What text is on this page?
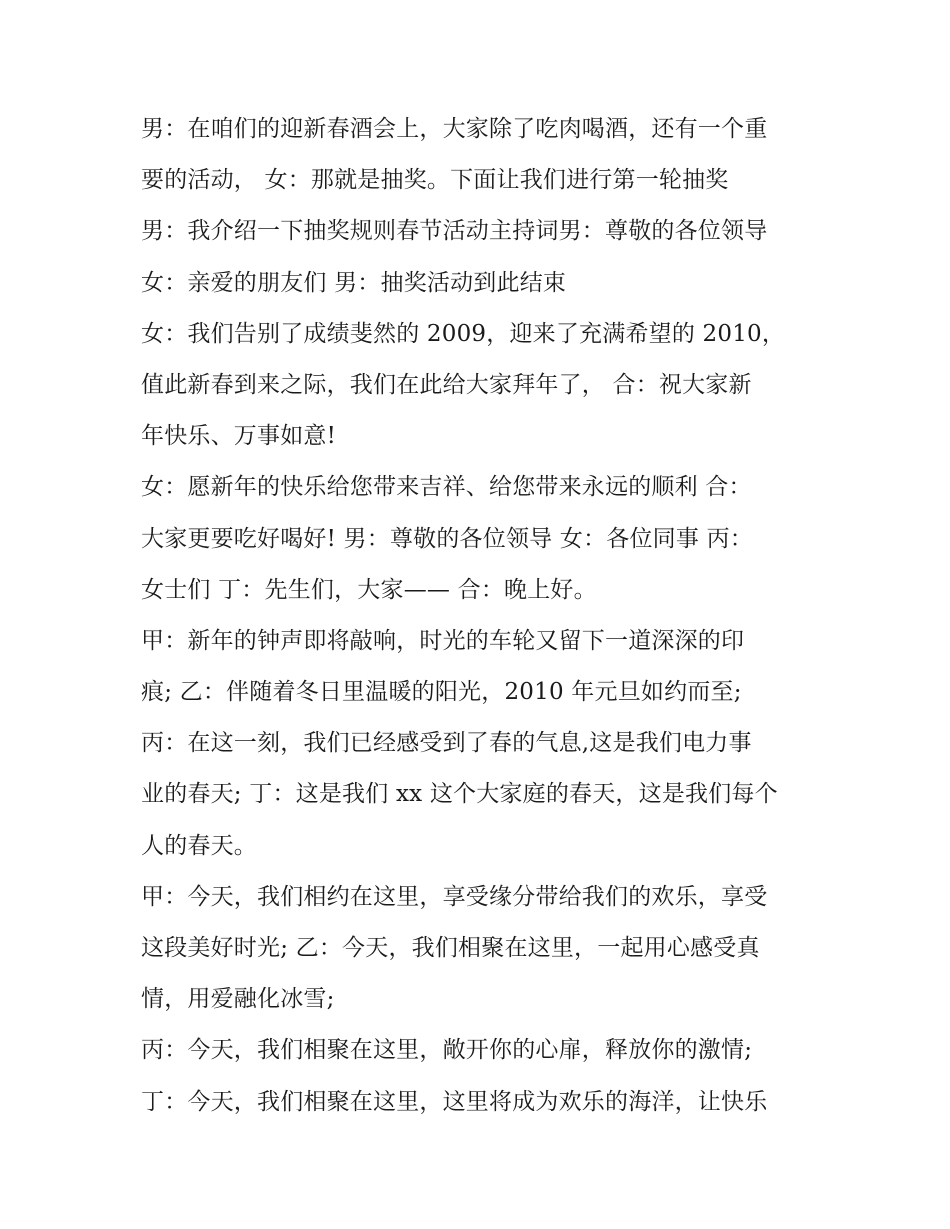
男：在咱们的迎新春酒会上，大家除了吃肉喝酒，还有一个重
要的活动， 女：那就是抽奖。下面让我们进行第一轮抽奖
男：我介绍一下抽奖规则春节活动主持词男：尊敬的各位领导
女：亲爱的朋友们 男：抽奖活动到此结束
女：我们告别了成绩斐然的 2009，迎来了充满希望的 2010，
值此新春到来之际，我们在此给大家拜年了， 合：祝大家新
年快乐、万事如意!
女：愿新年的快乐给您带来吉祥、给您带来永远的顺利 合：
大家更要吃好喝好! 男：尊敬的各位领导 女：各位同事 丙：
女士们 丁：先生们，大家—— 合：晚上好。
甲：新年的钟声即将敲响，时光的车轮又留下一道深深的印
痕; 乙：伴随着冬日里温暖的阳光，2010 年元旦如约而至;
丙：在这一刻，我们已经感受到了春的气息,这是我们电力事
业的春天; 丁：这是我们 xx 这个大家庭的春天，这是我们每个
人的春天。
甲：今天，我们相约在这里，享受缘分带给我们的欢乐，享受
这段美好时光; 乙：今天，我们相聚在这里，一起用心感受真
情，用爱融化冰雪;
丙：今天，我们相聚在这里，敞开你的心扉，释放你的激情;
丁：今天，我们相聚在这里，这里将成为欢乐的海洋，让快乐
